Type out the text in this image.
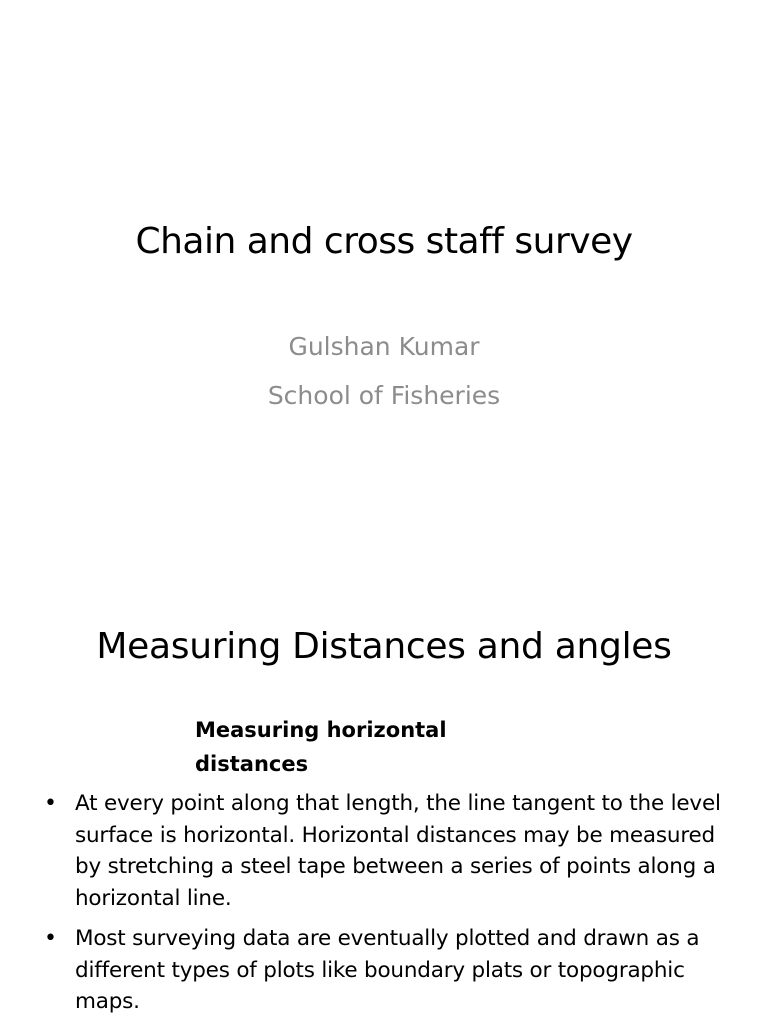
Chain and cross staff survey
Gulshan Kumar
School of Fisheries
Measuring Distances and angles
Measuring horizontal distances
• At every point along that length, the line tangent to the level surface is horizontal. Horizontal distances may be measured by stretching a steel tape between a series of points along a horizontal line.
• Most surveying data are eventually plotted and drawn as a different types of plots like boundary plats or topographic maps.
